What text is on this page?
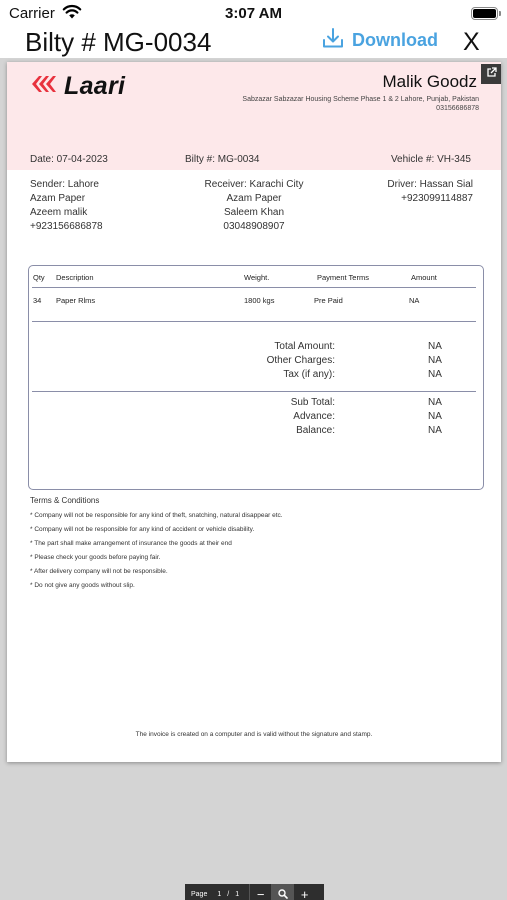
Carrier	3:07 AM
Bilty # MG-0034	Download X
Laari	Malik Goodz
Sabzazar Sabzazar Housing Scheme Phase 1 & 2 Lahore, Punjab, Pakistan
03156686878
Date: 07-04-2023	Bilty #: MG-0034	Vehicle #: VH-345
Sender: Lahore
Azam Paper
Azeem malik
+923156686878
Receiver: Karachi City
Azam Paper
Saleem Khan
03048908907
Driver: Hassan Sial
+923099114887
Qty Description	Weight.	Payment Terms	Amount
34 Paper Rlms	1800 kgs	Pre Paid	NA
Total Amount:	NA
Other Charges:	NA
Tax (if any):	NA
Sub Total:	NA
Advance:	NA
Balance:	NA
Terms & Conditions
* Company will not be responsible for any kind of theft, snatching, natural disappear etc.
* Company will not be responsible for any kind of accident or vehicle disability.
* The part shall make arrangement of insurance the goods at their end
* Please check your goods before paying fair.
* After delivery company will not be responsible.
* Do not give any goods without slip.
The invoice is created on a computer and is valid without the signature and stamp.
Page	1 / 1	−	+
